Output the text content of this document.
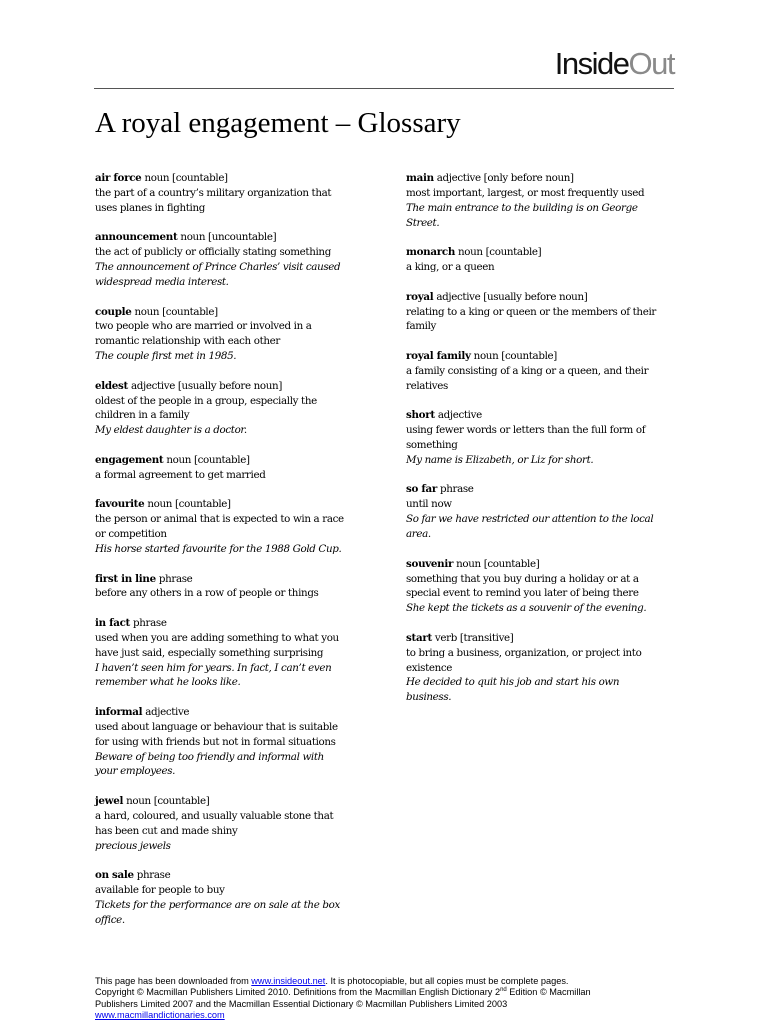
InsideOut
A royal engagement – Glossary
air force noun [countable]
the part of a country’s military organization that
uses planes in fighting
announcement noun [uncountable]
the act of publicly or officially stating something
The announcement of Prince Charles’ visit caused
widespread media interest.
couple noun [countable]
two people who are married or involved in a
romantic relationship with each other
The couple first met in 1985.
eldest adjective [usually before noun]
oldest of the people in a group, especially the
children in a family
My eldest daughter is a doctor.
engagement noun [countable]
a formal agreement to get married
favourite noun [countable]
the person or animal that is expected to win a race
or competition
His horse started favourite for the 1988 Gold Cup.
first in line phrase
before any others in a row of people or things
in fact phrase
used when you are adding something to what you
have just said, especially something surprising
I haven’t seen him for years. In fact, I can’t even
remember what he looks like.
informal adjective
used about language or behaviour that is suitable
for using with friends but not in formal situations
Beware of being too friendly and informal with
your employees.
jewel noun [countable]
a hard, coloured, and usually valuable stone that
has been cut and made shiny
precious jewels
on sale phrase
available for people to buy
Tickets for the performance are on sale at the box
office.
main adjective [only before noun]
most important, largest, or most frequently used
The main entrance to the building is on George
Street.
monarch noun [countable]
a king, or a queen
royal adjective [usually before noun]
relating to a king or queen or the members of their
family
royal family noun [countable]
a family consisting of a king or a queen, and their
relatives
short adjective
using fewer words or letters than the full form of
something
My name is Elizabeth, or Liz for short.
so far phrase
until now
So far we have restricted our attention to the local
area.
souvenir noun [countable]
something that you buy during a holiday or at a
special event to remind you later of being there
She kept the tickets as a souvenir of the evening.
start verb [transitive]
to bring a business, organization, or project into
existence
He decided to quit his job and start his own
business.
This page has been downloaded from www.insideout.net. It is photocopiable, but all copies must be complete pages.
Copyright © Macmillan Publishers Limited 2010. Definitions from the Macmillan English Dictionary 2nd Edition © Macmillan
Publishers Limited 2007 and the Macmillan Essential Dictionary © Macmillan Publishers Limited 2003
www.macmillandictionaries.com
